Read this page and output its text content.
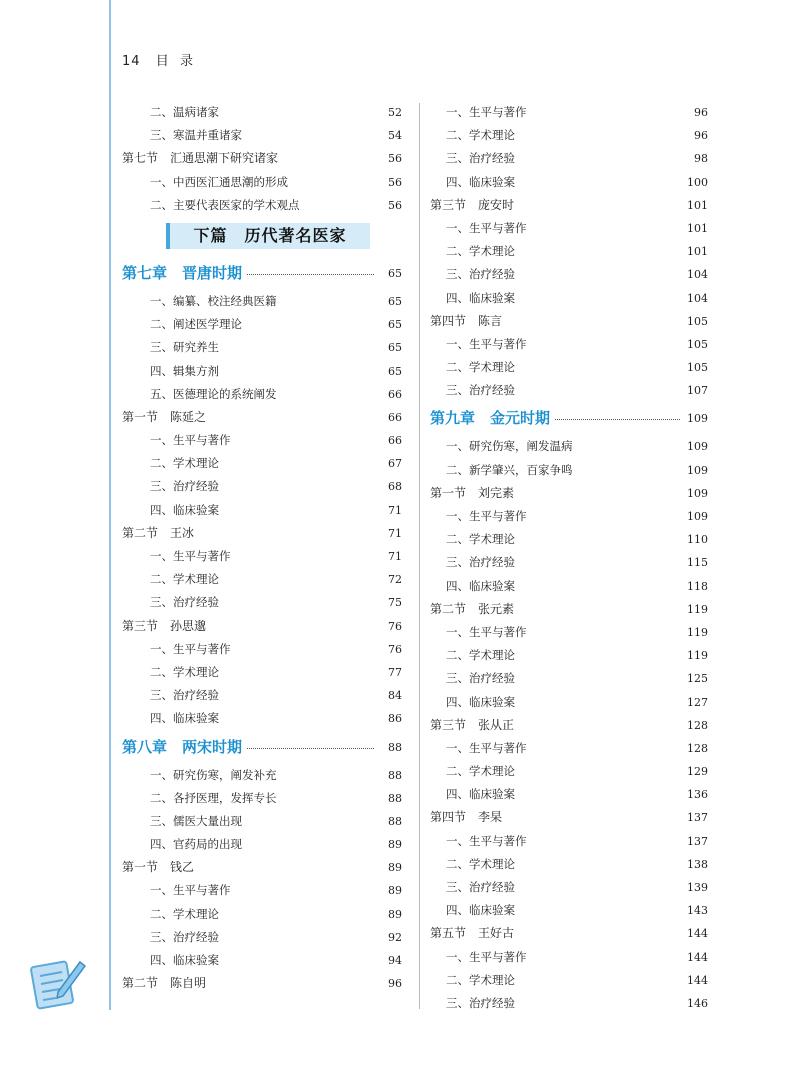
14 目  录
二、温病诸家	52
三、寒温并重诸家	54
第七节　汇通思潮下研究诸家	56
一、中西医汇通思潮的形成	56
二、主要代表医家的学术观点	56
下篇　历代著名医家
第七章　晋唐时期	65
一、编纂、校注经典医籍	65
二、阐述医学理论	65
三、研究养生	65
四、辑集方剂	65
五、医德理论的系统阐发	66
第一节　陈延之	66
一、生平与著作	66
二、学术理论	67
三、治疗经验	68
四、临床验案	71
第二节　王冰	71
一、生平与著作	71
二、学术理论	72
三、治疗经验	75
第三节　孙思邈	76
一、生平与著作	76
二、学术理论	77
三、治疗经验	84
四、临床验案	86
第八章　两宋时期	88
一、研究伤寒，阐发补充	88
二、各抒医理，发挥专长	88
三、儒医大量出现	88
四、官药局的出现	89
第一节　钱乙	89
一、生平与著作	89
二、学术理论	89
三、治疗经验	92
四、临床验案	94
第二节　陈自明	96
一、生平与著作	96
二、学术理论	96
三、治疗经验	98
四、临床验案	100
第三节　庞安时	101
一、生平与著作	101
二、学术理论	101
三、治疗经验	104
四、临床验案	104
第四节　陈言	105
一、生平与著作	105
二、学术理论	105
三、治疗经验	107
第九章　金元时期	109
一、研究伤寒，阐发温病	109
二、新学肇兴，百家争鸣	109
第一节　刘完素	109
一、生平与著作	109
二、学术理论	110
三、治疗经验	115
四、临床验案	118
第二节　张元素	119
一、生平与著作	119
二、学术理论	119
三、治疗经验	125
四、临床验案	127
第三节　张从正	128
一、生平与著作	128
二、学术理论	129
四、临床验案	136
第四节　李杲	137
一、生平与著作	137
二、学术理论	138
三、治疗经验	139
四、临床验案	143
第五节　王好古	144
一、生平与著作	144
二、学术理论	144
三、治疗经验	146
